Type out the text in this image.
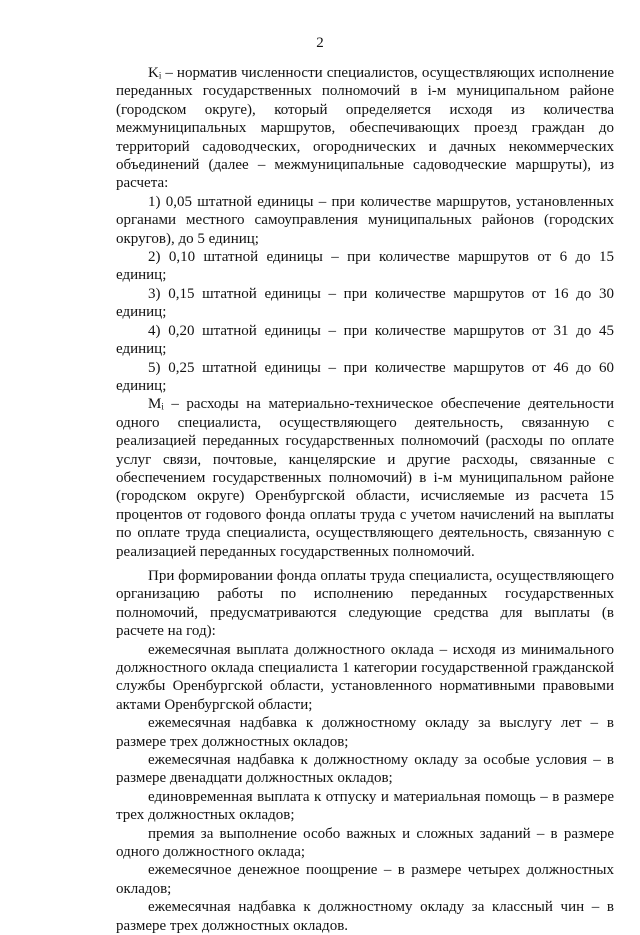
2

Kᵢ – норматив численности специалистов, осуществляющих исполнение переданных государственных полномочий в i-м муниципальном районе (городском округе), который определяется исходя из количества межмуниципальных маршрутов, обеспечивающих проезд граждан до территорий садоводческих, огороднических и дачных некоммерческих объединений (далее – межмуниципальные садоводческие маршруты), из расчета:

1) 0,05 штатной единицы – при количестве маршрутов, установленных органами местного самоуправления муниципальных районов (городских округов), до 5 единиц;

2) 0,10 штатной единицы – при количестве маршрутов от 6 до 15 единиц;

3) 0,15 штатной единицы – при количестве маршрутов от 16 до 30 единиц;

4) 0,20 штатной единицы – при количестве маршрутов от 31 до 45 единиц;

5) 0,25 штатной единицы – при количестве маршрутов от 46 до 60 единиц;

Mᵢ – расходы на материально-техническое обеспечение деятельности одного специалиста, осуществляющего деятельность, связанную с реализацией переданных государственных полномочий (расходы по оплате услуг связи, почтовые, канцелярские и другие расходы, связанные с обеспечением государственных полномочий) в i-м муниципальном районе (городском округе) Оренбургской области, исчисляемые из расчета 15 процентов от годового фонда оплаты труда с учетом начислений на выплаты по оплате труда специалиста, осуществляющего деятельность, связанную с реализацией переданных государственных полномочий.

При формировании фонда оплаты труда специалиста, осуществляющего организацию работы по исполнению переданных государственных полномочий, предусматриваются следующие средства для выплаты (в расчете на год):

ежемесячная выплата должностного оклада – исходя из минимального должностного оклада специалиста 1 категории государственной гражданской службы Оренбургской области, установленного нормативными правовыми актами Оренбургской области;

ежемесячная надбавка к должностному окладу за выслугу лет – в размере трех должностных окладов;

ежемесячная надбавка к должностному окладу за особые условия – в размере двенадцати должностных окладов;

единовременная выплата к отпуску и материальная помощь – в размере трех должностных окладов;

премия за выполнение особо важных и сложных заданий – в размере одного должностного оклада;

ежемесячное денежное поощрение – в размере четырех должностных окладов;

ежемесячная надбавка к должностному окладу за классный чин – в размере трех должностных окладов.
